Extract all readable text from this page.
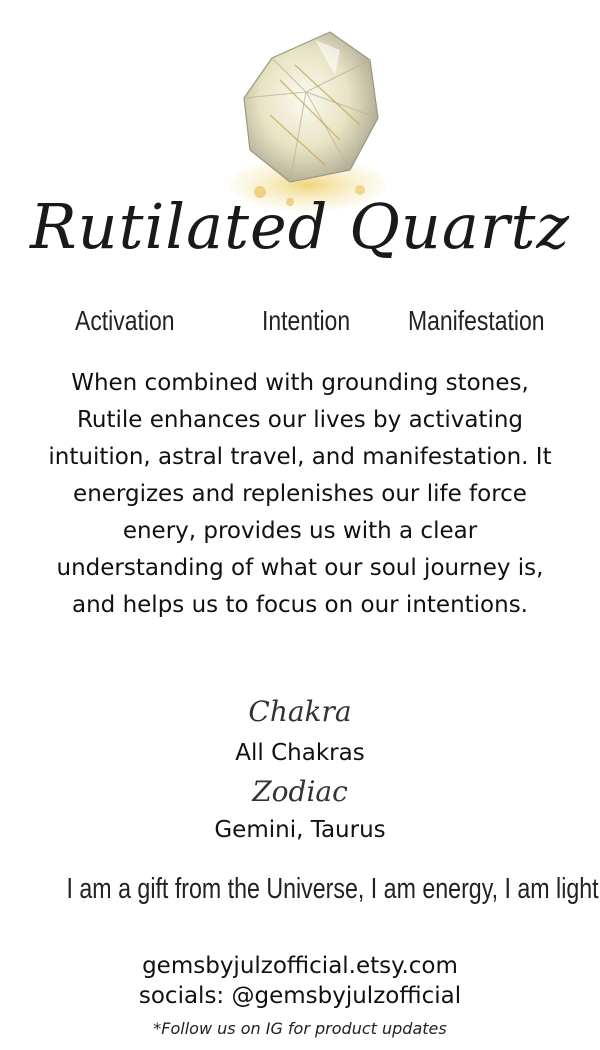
Rutilated Quartz
Activation	Intention Manifestation
When combined with grounding stones, Rutile enhances our lives by activating intuition, astral travel, and manifestation. It energizes and replenishes our life force enery, provides us with a clear understanding of what our soul journey is, and helps us to focus on our intentions.
Chakra
All Chakras
Zodiac
Gemini, Taurus
I am a gift from the Universe, I am energy, I am light
gemsbyjulzofficial.etsy.com
socials: @gemsbyjulzofficial
*Follow us on IG for product updates
